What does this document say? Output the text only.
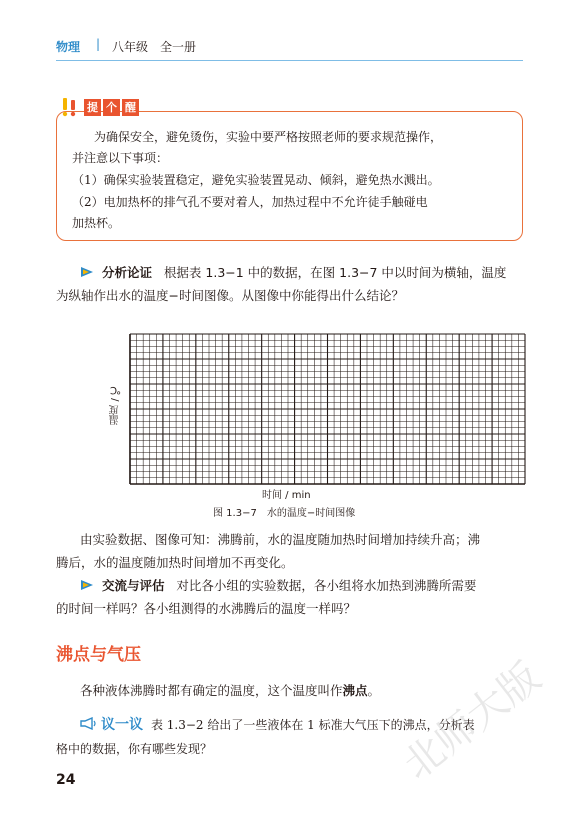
物理 | 八年级　全一册
提 个 醒
为确保安全，避免烫伤，实验中要严格按照老师的要求规范操作，
并注意以下事项：
（1）确保实验装置稳定，避免实验装置晃动、倾斜，避免热水溅出。
（2）电加热杯的排气孔不要对着人，加热过程中不允许徒手触碰电
加热杯。
分析论证 根据表 1.3−1 中的数据，在图 1.3−7 中以时间为横轴，温度
为纵轴作出水的温度−时间图像。从图像中你能得出什么结论？
温度 / ℃
时间 / min
图 1.3−7　水的温度−时间图像
由实验数据、图像可知：沸腾前，水的温度随加热时间增加持续升高；沸
腾后，水的温度随加热时间增加不再变化。
交流与评估 对比各小组的实验数据，各小组将水加热到沸腾所需要
的时间一样吗？各小组测得的水沸腾后的温度一样吗？
沸点与气压
各种液体沸腾时都有确定的温度，这个温度叫作沸点。
议一议 表 1.3−2 给出了一些液体在 1 标准大气压下的沸点，分析表
格中的数据，你有哪些发现？
24	北师大版
